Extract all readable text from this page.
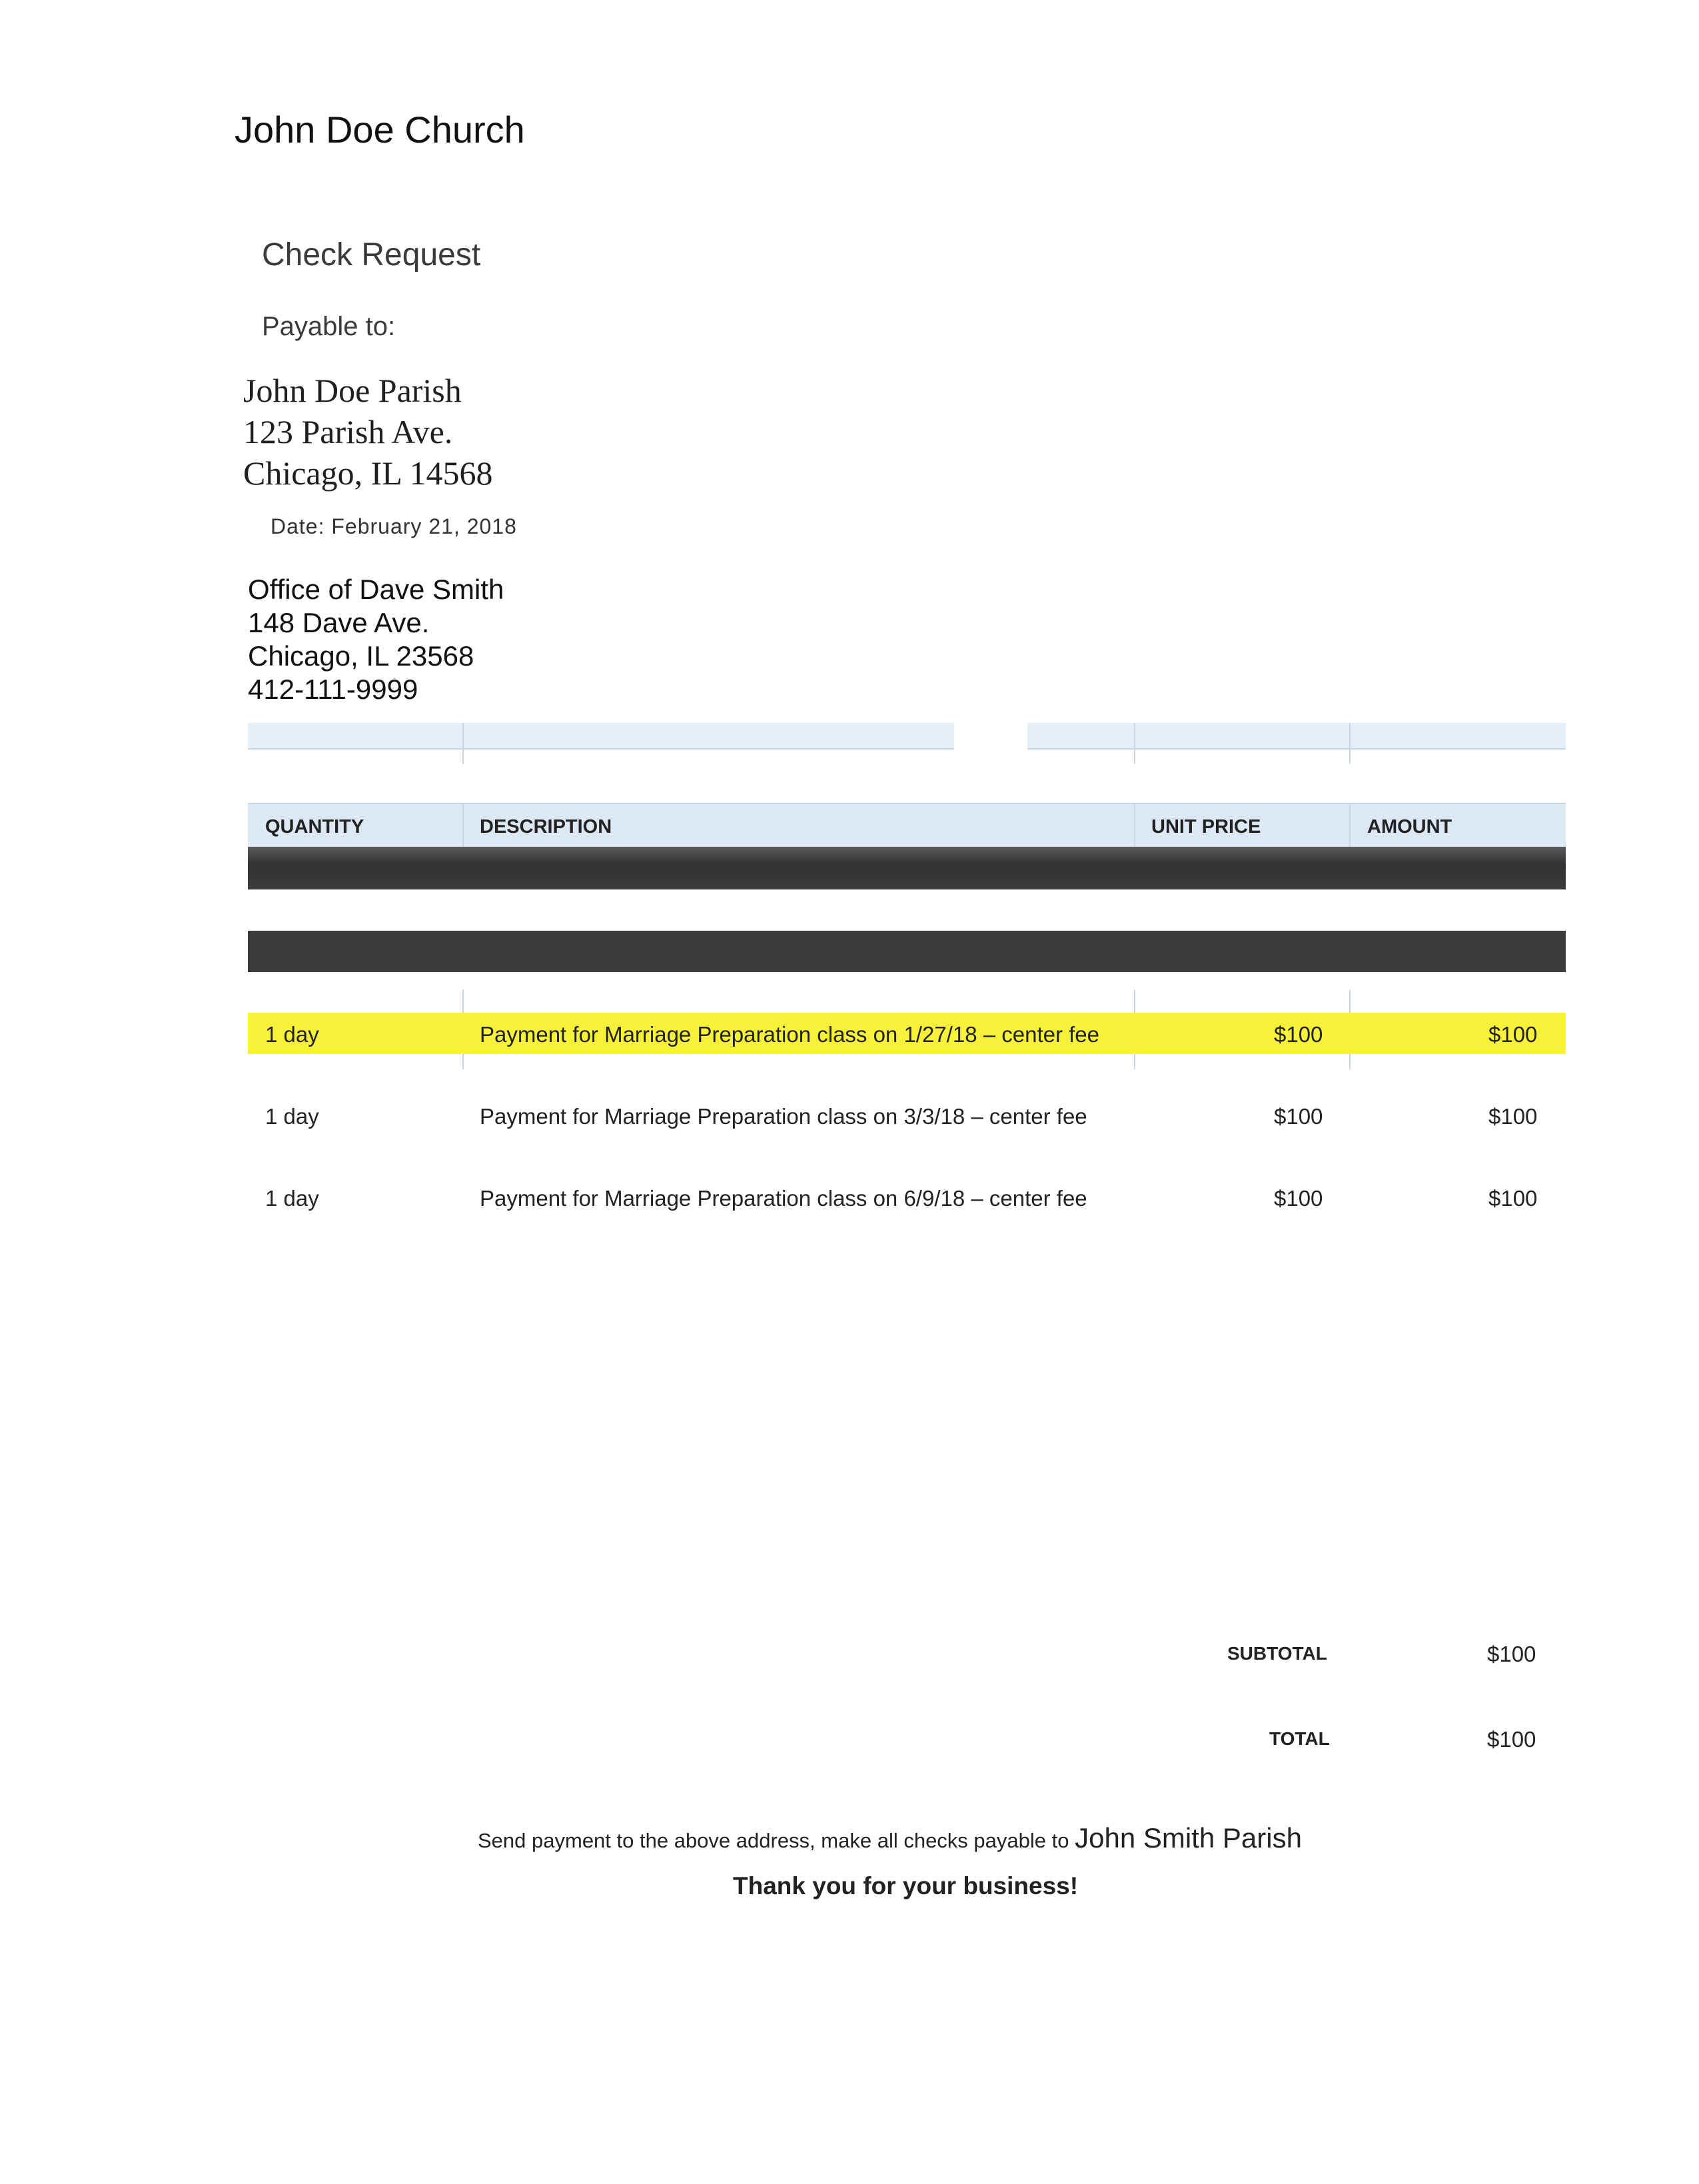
John Doe Church
Check Request
Payable to:
John Doe Parish
123 Parish Ave.
Chicago, IL 14568
Date: February 21, 2018
Office of Dave Smith
148 Dave Ave.
Chicago, IL 23568
412-111-9999
QUANTITY	DESCRIPTION	UNIT PRICE	AMOUNT
1 day	Payment for Marriage Preparation class on 1/27/18 – center fee	$100	$100
1 day	Payment for Marriage Preparation class on 3/3/18 – center fee	$100	$100
1 day	Payment for Marriage Preparation class on 6/9/18 – center fee	$100	$100
SUBTOTAL	$100
TOTAL	$100
Send payment to the above address, make all checks payable to John Smith Parish
Thank you for your business!
